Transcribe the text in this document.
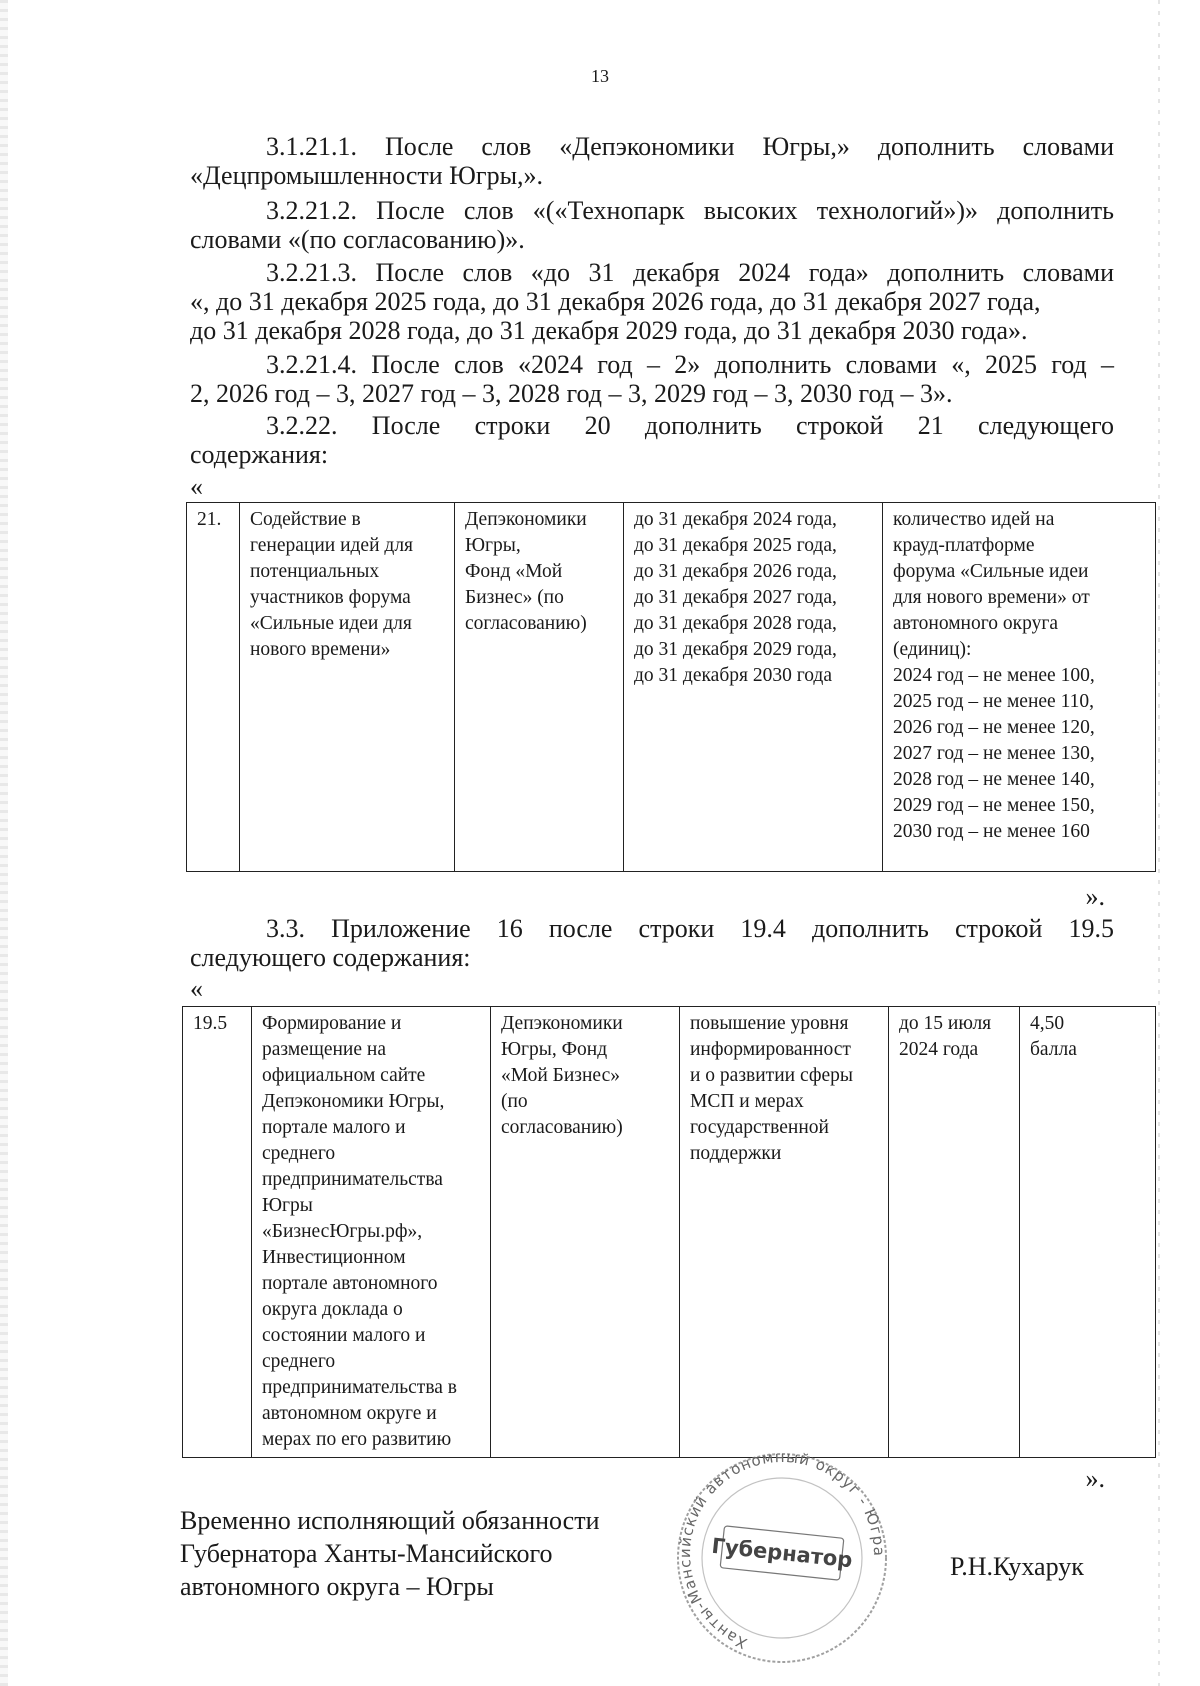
13
3.1.21.1. После слов «Депэкономики Югры,» дополнить словами
«Децпромышленности Югры,».
3.2.21.2. После слов «(«Технопарк высоких технологий»)» дополнить
словами «(по согласованию)».
3.2.21.3. После слов «до 31 декабря 2024 года» дополнить словами
«, до 31 декабря 2025 года, до 31 декабря 2026 года, до 31 декабря 2027 года,
до 31 декабря 2028 года, до 31 декабря 2029 года, до 31 декабря 2030 года».
3.2.21.4. После слов «2024 год – 2» дополнить словами «, 2025 год –
2, 2026 год – 3, 2027 год – 3, 2028 год – 3, 2029 год – 3, 2030 год – 3».
3.2.22. После строки 20 дополнить строкой 21 следующего
содержания:
«
21.	Содействие в
генерации идей для
потенциальных
участников форума
«Сильные идеи для
нового времени»

Депэкономики
Югры,
Фонд «Мой
Бизнес» (по
согласованию)

до 31 декабря 2024 года,
до 31 декабря 2025 года,
до 31 декабря 2026 года,
до 31 декабря 2027 года,
до 31 декабря 2028 года,
до 31 декабря 2029 года,
до 31 декабря 2030 года

количество идей на
крауд-платформе
форума «Сильные идеи
для нового времени» от
автономного округа
(единиц):
2024 год – не менее 100,
2025 год – не менее 110,
2026 год – не менее 120,
2027 год – не менее 130,
2028 год – не менее 140,
2029 год – не менее 150,
2030 год – не менее 160
».
3.3. Приложение 16 после строки 19.4 дополнить строкой 19.5
следующего содержания:
«
19.5	Формирование и
размещение на
официальном сайте
Депэкономики Югры,
портале малого и
среднего
предпринимательства
Югры
«БизнесЮгры.рф»,
Инвестиционном
портале автономного
округа доклада о
состоянии малого и
среднего
предпринимательства в
автономном округе и
мерах по его развитию

Депэкономики
Югры, Фонд
«Мой Бизнес»
(по
согласованию)

повышение уровня
информированност
и о развитии сферы
МСП и мерах
государственной
поддержки

до 15 июля
2024 года

4,50
балла
».
Временно исполняющий обязанности
Губернатора Ханты-Мансийского
автономного округа – Югры
Ханты-Мансийский автономный округ - Югра
Губернатор	Р.Н.Кухарук
